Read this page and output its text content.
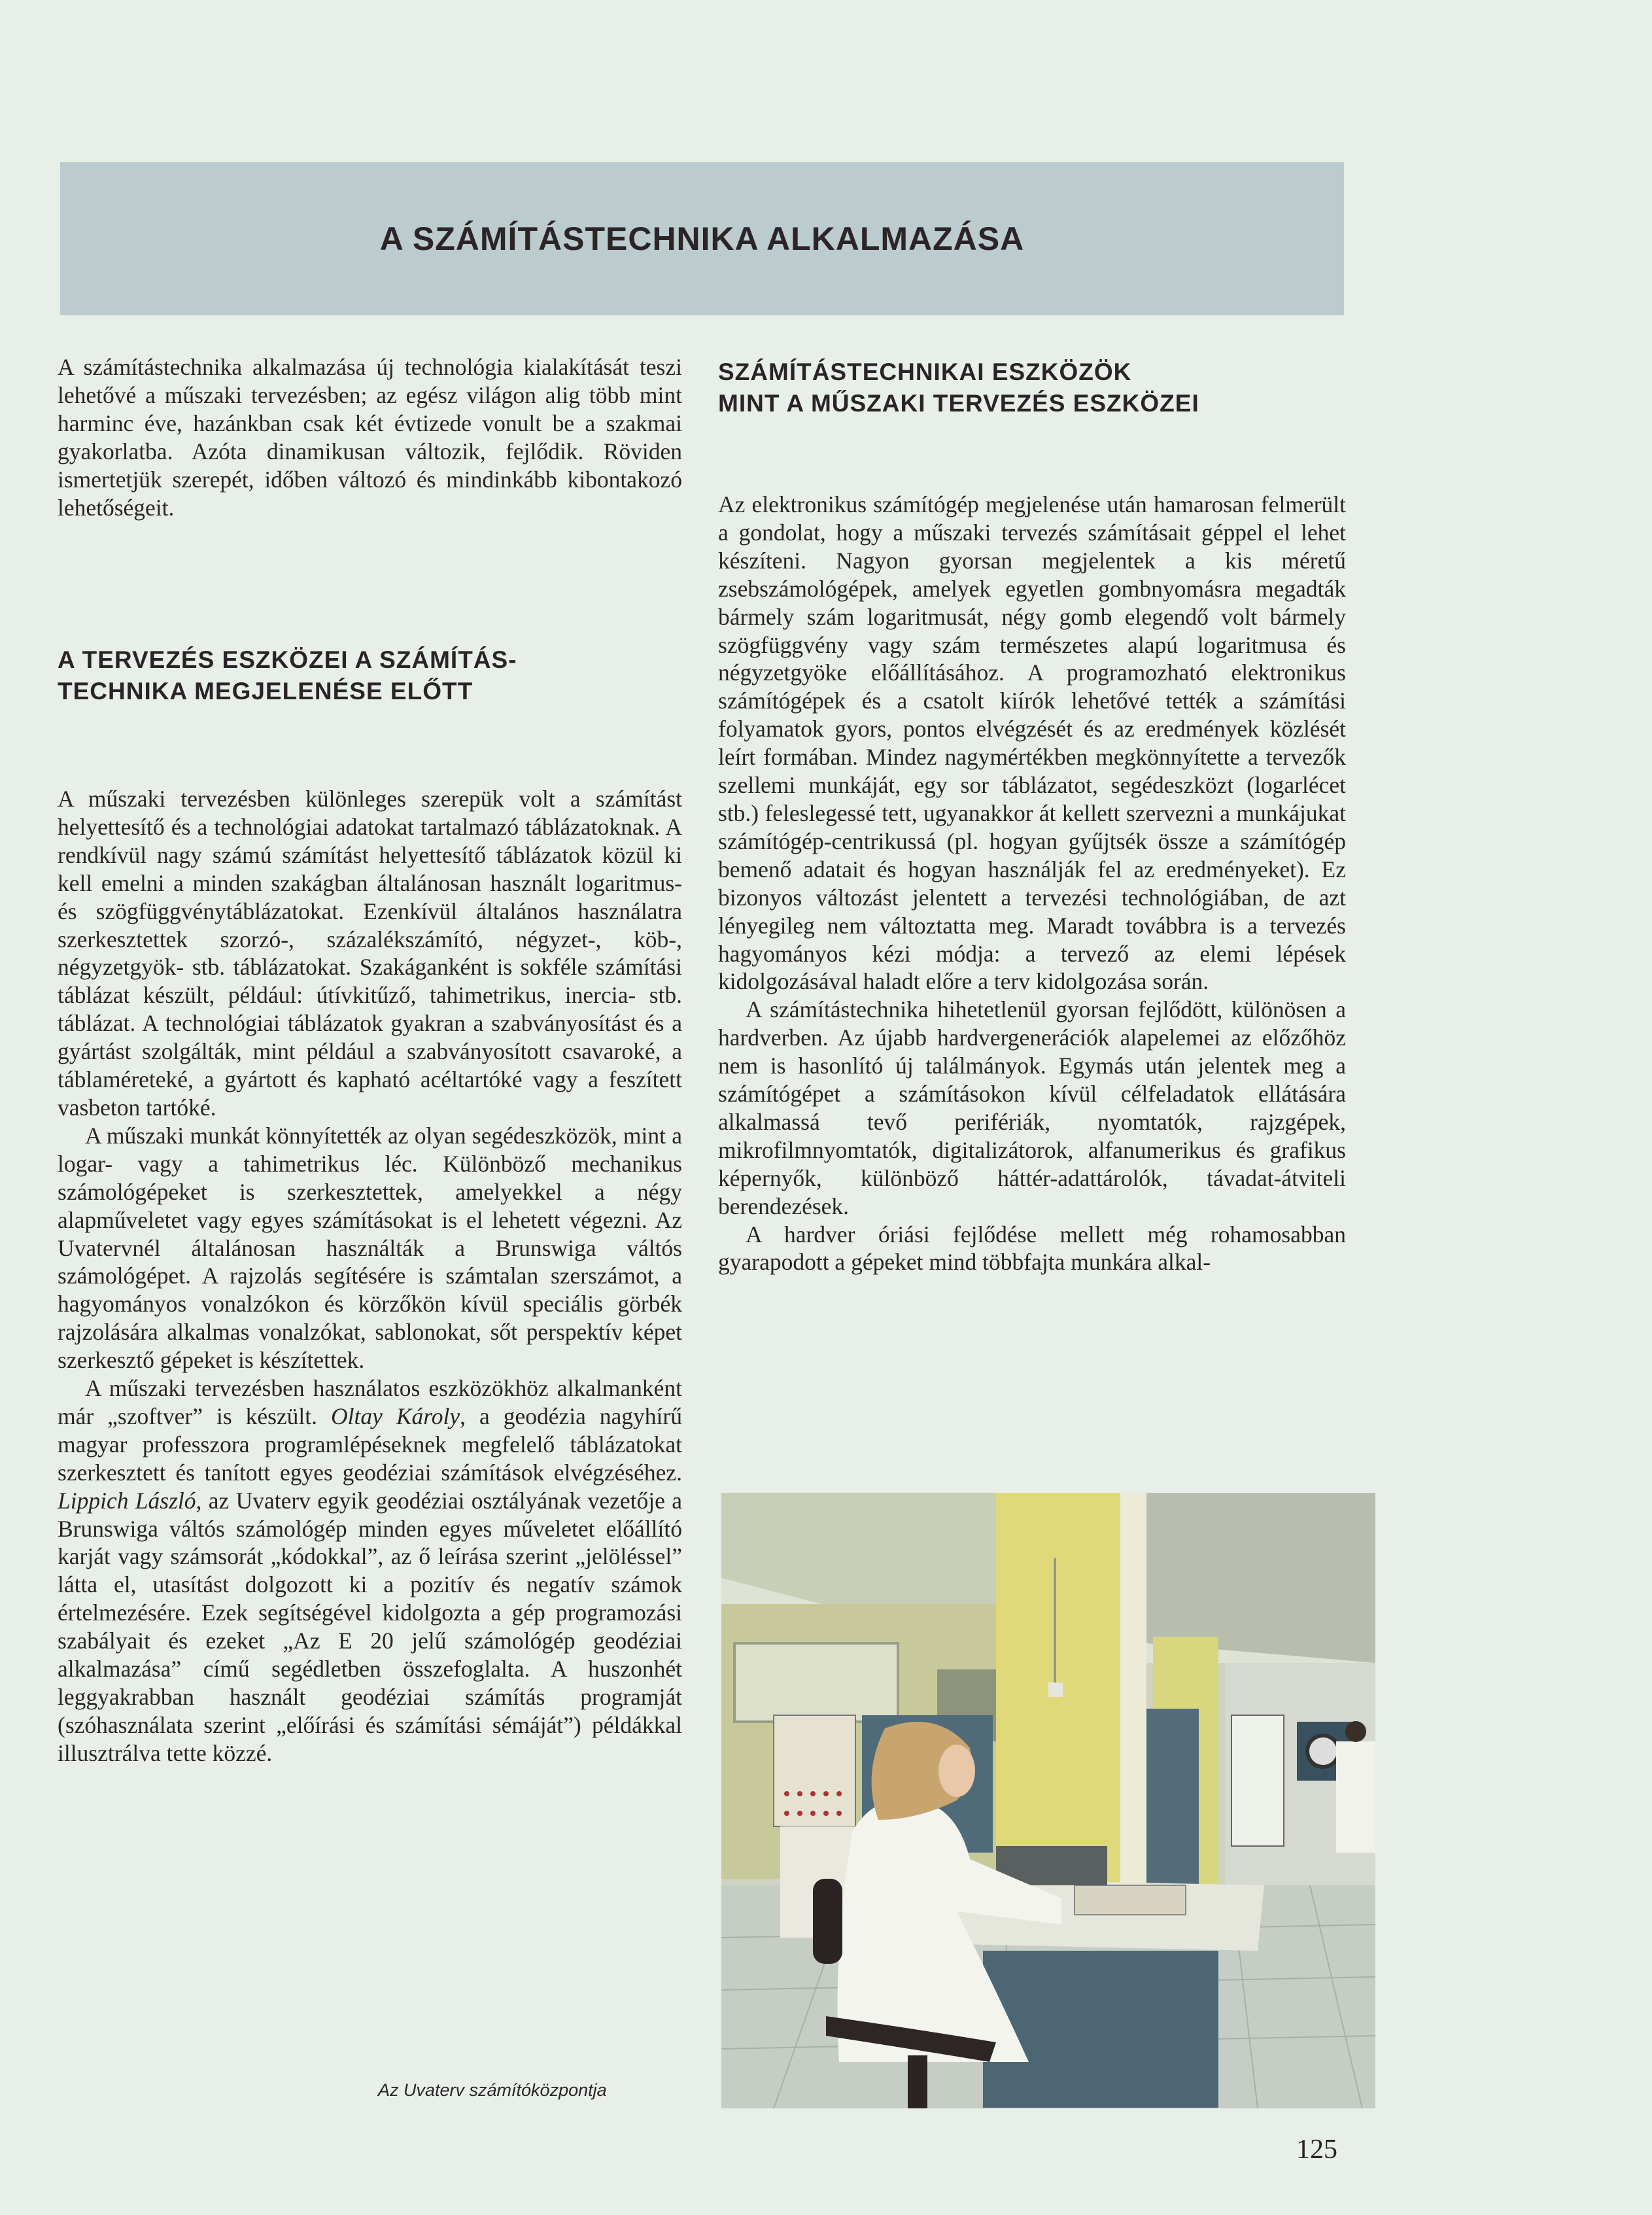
A SZÁMÍTÁSTECHNIKA ALKALMAZÁSA

A számítástechnika alkalmazása új technológia kialakítását teszi lehetővé a műszaki tervezésben; az egész világon alig több mint harminc éve, hazánkban csak két évtizede vonult be a szakmai gyakorlatba. Azóta dinamikusan változik, fejlődik. Röviden ismertetjük szerepét, időben változó és mindinkább kibontakozó lehetőségeit.

A TERVEZÉS ESZKÖZEI A SZÁMÍTÁS-
TECHNIKA MEGJELENÉSE ELŐTT

A műszaki tervezésben különleges szerepük volt a számítást helyettesítő és a technológiai adatokat tartalmazó táblázatoknak. A rendkívül nagy számú számítást helyettesítő táblázatok közül ki kell emelni a minden szakágban általánosan használt logaritmus- és szögfüggvénytáblázatokat. Ezenkívül általános használatra szerkesztettek szorzó-, százalékszámító, négyzet-, köb-, négyzetgyök- stb. táblázatokat. Szakáganként is sokféle számítási táblázat készült, például: útívkitűző, tahimetrikus, inercia- stb. táblázat. A technológiai táblázatok gyakran a szabványosítást és a gyártást szolgálták, mint például a szabványosított csavaroké, a táblaméreteké, a gyártott és kapható acéltartóké vagy a feszített vasbeton tartóké.

A műszaki munkát könnyítették az olyan segédeszközök, mint a logar- vagy a tahimetrikus léc. Különböző mechanikus számológépeket is szerkesztettek, amelyekkel a négy alapműveletet vagy egyes számításokat is el lehetett végezni. Az Uvatervnél általánosan használták a Brunswiga váltós számológépet. A rajzolás segítésére is számtalan szerszámot, a hagyományos vonalzókon és körzőkön kívül speciális görbék rajzolására alkalmas vonalzókat, sablonokat, sőt perspektív képet szerkesztő gépeket is készítettek.

A műszaki tervezésben használatos eszközökhöz alkalmanként már „szoftver” is készült. Oltay Károly, a geodézia nagyhírű magyar professzora programlépéseknek megfelelő táblázatokat szerkesztett és tanított egyes geodéziai számítások elvégzéséhez. Lippich László, az Uvaterv egyik geodéziai osztályának vezetője a Brunswiga váltós számológép minden egyes műveletet előállító karját vagy számsorát „kódokkal”, az ő leírása szerint „jelöléssel” látta el, utasítást dolgozott ki a pozitív és negatív számok értelmezésére. Ezek segítségével kidolgozta a gép programozási szabályait és ezeket „Az E 20 jelű számológép geodéziai alkalmazása” című segédletben összefoglalta. A huszonhét leggyakrabban használt geodéziai számítás programját (szóhasználata szerint „előírási és számítási sémáját”) példákkal illusztrálva tette közzé.

SZÁMÍTÁSTECHNIKAI ESZKÖZÖK
MINT A MŰSZAKI TERVEZÉS ESZKÖZEI

Az elektronikus számítógép megjelenése után hamarosan felmerült a gondolat, hogy a műszaki tervezés számításait géppel el lehet készíteni. Nagyon gyorsan megjelentek a kis méretű zsebszámológépek, amelyek egyetlen gombnyomásra megadták bármely szám logaritmusát, négy gomb elegendő volt bármely szögfüggvény vagy szám természetes alapú logaritmusa és négyzetgyöke előállításához. A programozható elektronikus számítógépek és a csatolt kiírók lehetővé tették a számítási folyamatok gyors, pontos elvégzését és az eredmények közlését leírt formában. Mindez nagymértékben megkönnyítette a tervezők szellemi munkáját, egy sor táblázatot, segédeszközt (logarlécet stb.) feleslegessé tett, ugyanakkor át kellett szervezni a munkájukat számítógép-centrikussá (pl. hogyan gyűjtsék össze a számítógép bemenő adatait és hogyan használják fel az eredményeket). Ez bizonyos változást jelentett a tervezési technológiában, de azt lényegileg nem változtatta meg. Maradt továbbra is a tervezés hagyományos kézi módja: a tervező az elemi lépések kidolgozásával haladt előre a terv kidolgozása során.

A számítástechnika hihetetlenül gyorsan fejlődött, különösen a hardverben. Az újabb hardvergenerációk alapelemei az előzőhöz nem is hasonlító új találmányok. Egymás után jelentek meg a számítógépet a számításokon kívül célfeladatok ellátására alkalmassá tevő perifériák, nyomtatók, rajzgépek, mikrofilmnyomtatók, digitalizátorok, alfanumerikus és grafikus képernyők, különböző háttér-adattárolók, távadat-átviteli berendezések.

A hardver óriási fejlődése mellett még rohamosabban gyarapodott a gépeket mind többfajta munkára alkal-

Az Uvaterv számítóközpontja
125
